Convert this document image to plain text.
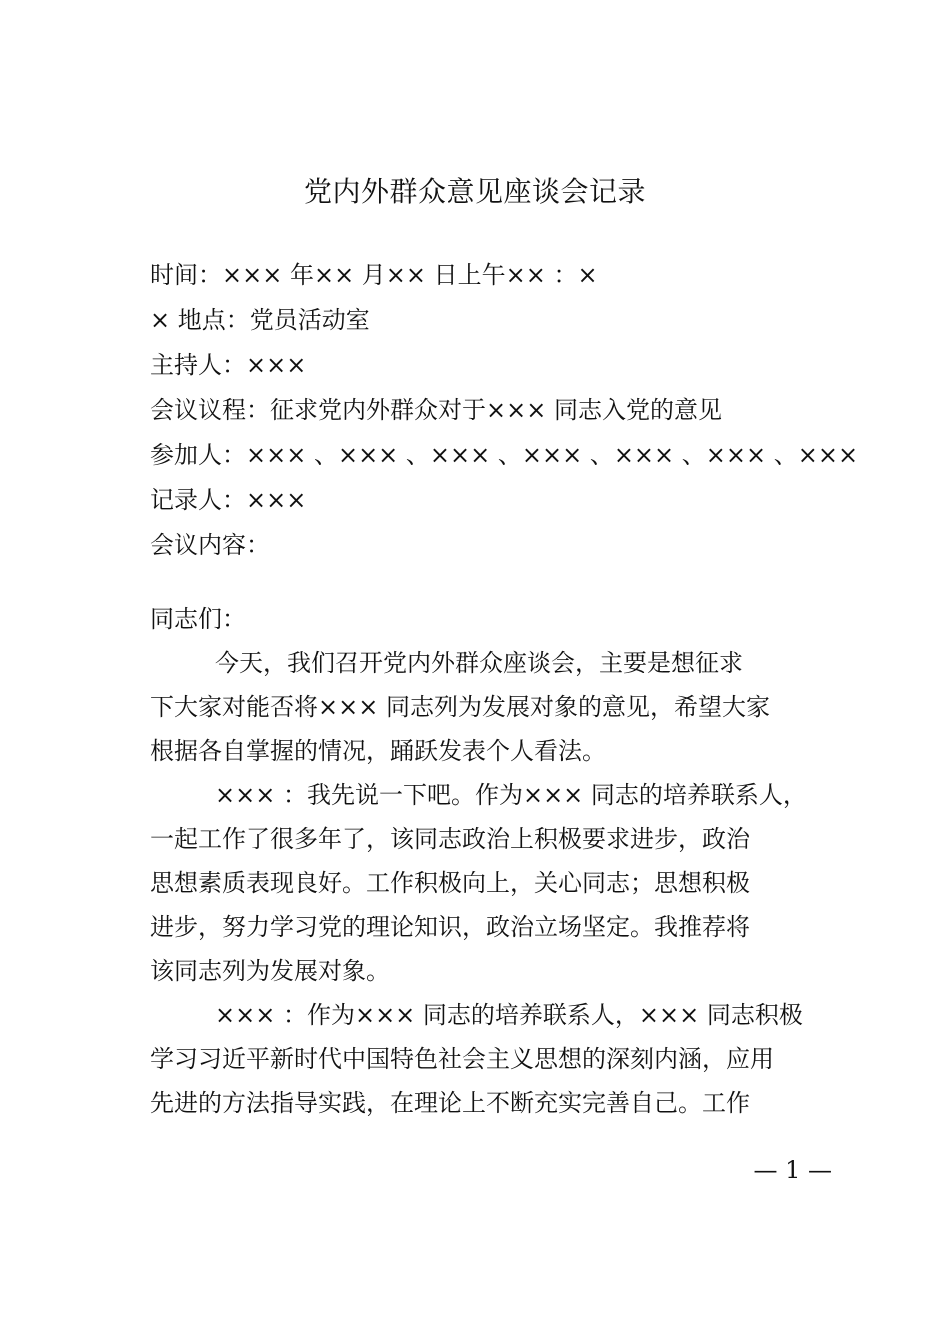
党内外群众意见座谈会记录
时间：××× 年×× 月×× 日上午×× ：×
× 地点：党员活动室
主持人：×××
会议议程：征求党内外群众对于××× 同志入党的意见
参加人：××× 、××× 、××× 、××× 、××× 、××× 、×××
记录人：×××
会议内容：
同志们：
今天，我们召开党内外群众座谈会，主要是想征求
下大家对能否将××× 同志列为发展对象的意见，希望大家
根据各自掌握的情况，踊跃发表个人看法。
××× ：我先说一下吧。作为××× 同志的培养联系人，
一起工作了很多年了，该同志政治上积极要求进步，政治
思想素质表现良好。工作积极向上，关心同志；思想积极
进步，努力学习党的理论知识，政治立场坚定。我推荐将
该同志列为发展对象。
××× ：作为××× 同志的培养联系人，××× 同志积极
学习习近平新时代中国特色社会主义思想的深刻内涵，应用
先进的方法指导实践，在理论上不断充实完善自己。工作
— 1 —
